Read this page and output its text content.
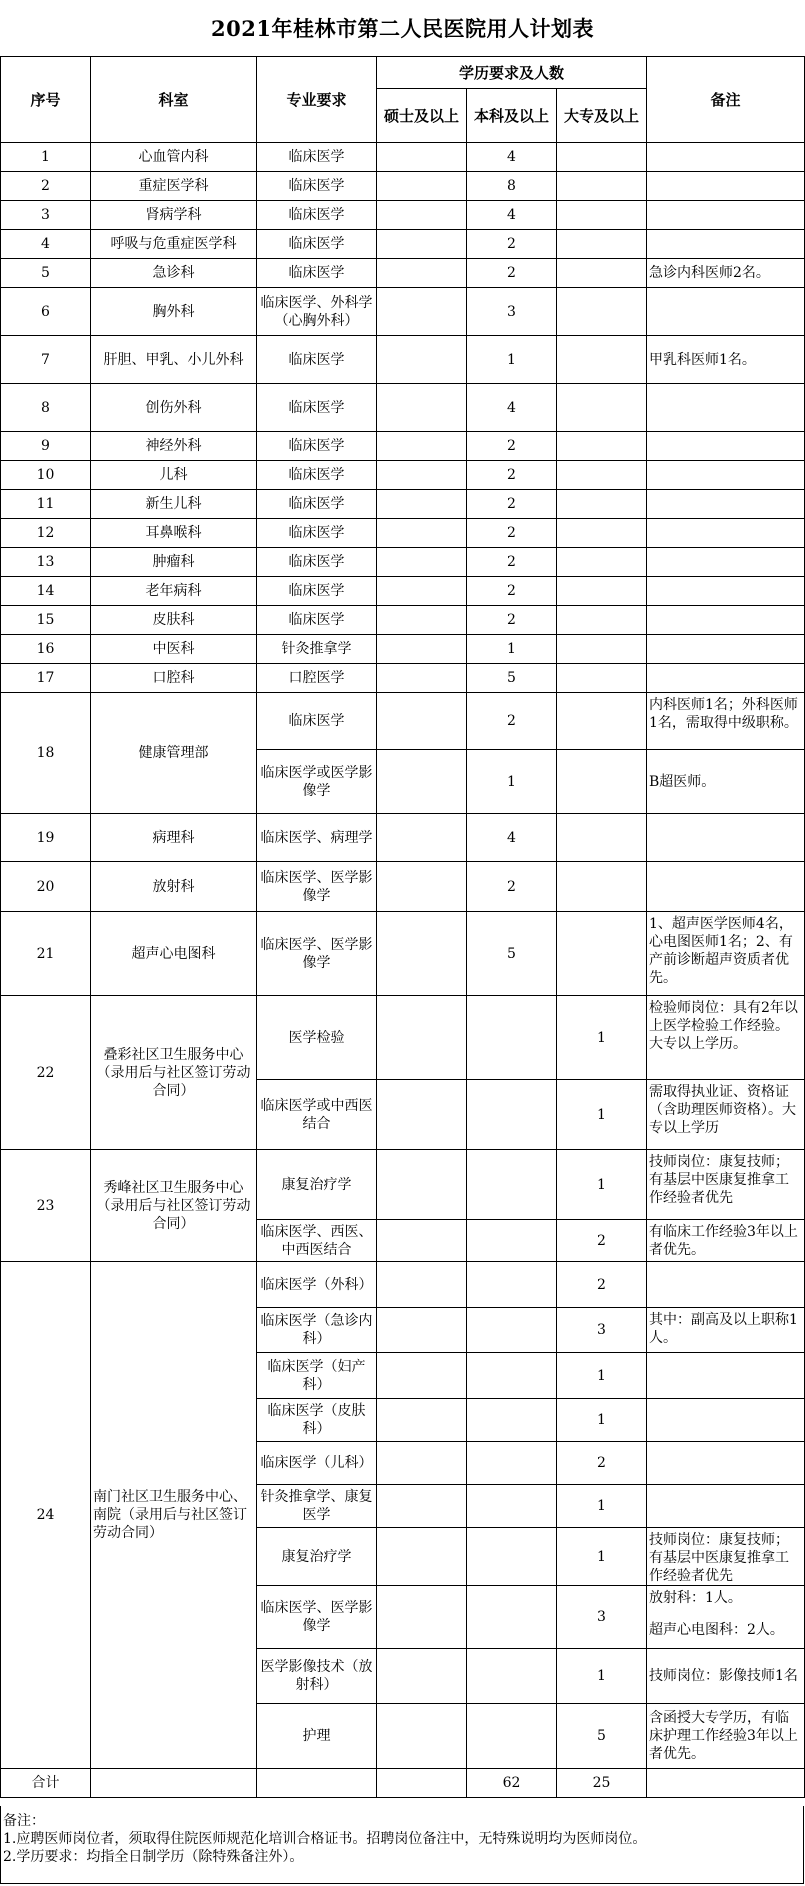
2021年桂林市第二人民医院用人计划表
序号	科室	专业要求	学历要求及人数			备注
			硕士及以上	本科及以上	大专及以上	
1	心血管内科	临床医学		4		
2	重症医学科	临床医学		8		
3	肾病学科	临床医学		4		
4	呼吸与危重症医学科	临床医学		2		
5	急诊科	临床医学		2		急诊内科医师2名。
6	胸外科	临床医学、外科学（心胸外科）		3		
7	肝胆、甲乳、小儿外科	临床医学		1		甲乳科医师1名。
8	创伤外科	临床医学		4		
9	神经外科	临床医学		2		
10	儿科	临床医学		2		
11	新生儿科	临床医学		2		
12	耳鼻喉科	临床医学		2		
13	肿瘤科	临床医学		2		
14	老年病科	临床医学		2		
15	皮肤科	临床医学		2		
16	中医科	针灸推拿学		1		
17	口腔科	口腔医学		5		
18	健康管理部	临床医学		2		内科医师1名；外科医师1名，需取得中级职称。
		临床医学或医学影像学		1		B超医师。
19	病理科	临床医学、病理学		4		
20	放射科	临床医学、医学影像学		2		
21	超声心电图科	临床医学、医学影像学		5		1、超声医学医师4名，心电图医师1名；2、有产前诊断超声资质者优先。
22	叠彩社区卫生服务中心（录用后与社区签订劳动合同）	医学检验			1	检验师岗位：具有2年以上医学检验工作经验。大专以上学历。
		临床医学或中西医结合			1	需取得执业证、资格证（含助理医师资格）。大专以上学历
23	秀峰社区卫生服务中心（录用后与社区签订劳动合同）	康复治疗学			1	技师岗位：康复技师；有基层中医康复推拿工作经验者优先
		临床医学、西医、中西医结合			2	有临床工作经验3年以上者优先。
24	南门社区卫生服务中心、南院（录用后与社区签订劳动合同）	临床医学（外科）			2	
		临床医学（急诊内科）			3	其中：副高及以上职称1人。
		临床医学（妇产科）			1	
		临床医学（皮肤科）			1	
		临床医学（儿科）			2	
		针灸推拿学、康复医学			1	
		康复治疗学			1	技师岗位：康复技师；有基层中医康复推拿工作经验者优先
		临床医学、医学影像学			3	放射科：1人。
超声心电图科：2人。

		医学影像技术（放射科）			1	技师岗位：影像技师1名
		护理			5	含函授大专学历，有临床护理工作经验3年以上者优先。
合计				62	25	
备注：
1.应聘医师岗位者，须取得住院医师规范化培训合格证书。招聘岗位备注中，无特殊说明均为医师岗位。
2.学历要求：均指全日制学历（除特殊备注外）。
